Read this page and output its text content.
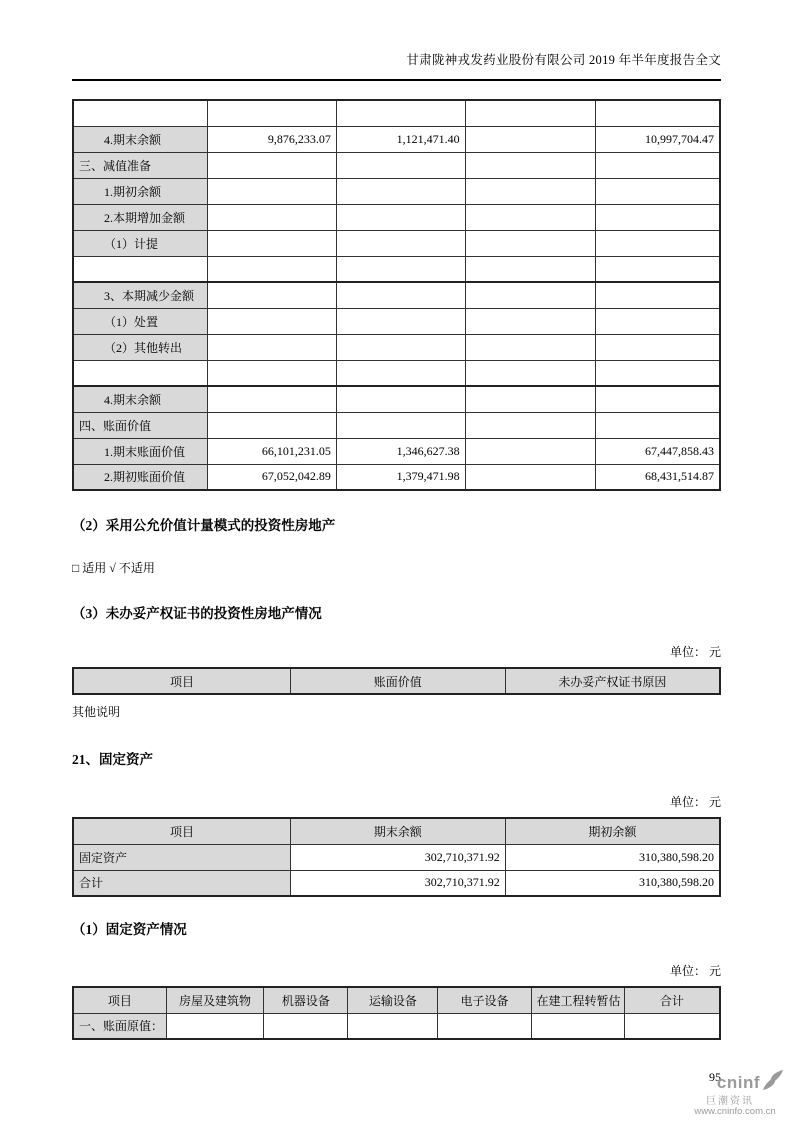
甘肃陇神戎发药业股份有限公司 2019 年半年度报告全文

4.期末余额	9,876,233.07	1,121,471.40		10,997,704.47
三、减值准备				
1.期初余额				
2.本期增加金额				
（1）计提				

3、本期减少金额				
（1）处置				
（2）其他转出				

4.期末余额				
四、账面价值				
1.期末账面价值	66,101,231.05	1,346,627.38		67,447,858.43
2.期初账面价值	67,052,042.89	1,379,471.98		68,431,514.87
（2）采用公允价值计量模式的投资性房地产
□ 适用 √ 不适用
（3）未办妥产权证书的投资性房地产情况
单位： 元
项目	账面价值	未办妥产权证书原因
其他说明
21、固定资产
单位： 元
项目	期末余额	期初余额
固定资产	302,710,371.92	310,380,598.20
合计	302,710,371.92	310,380,598.20
（1）固定资产情况
单位： 元
项目	房屋及建筑物	机器设备	运输设备	电子设备	在建工程转暂估	合计
一、账面原值：						
95
cninf
巨潮资讯
www.cninfo.com.cn
